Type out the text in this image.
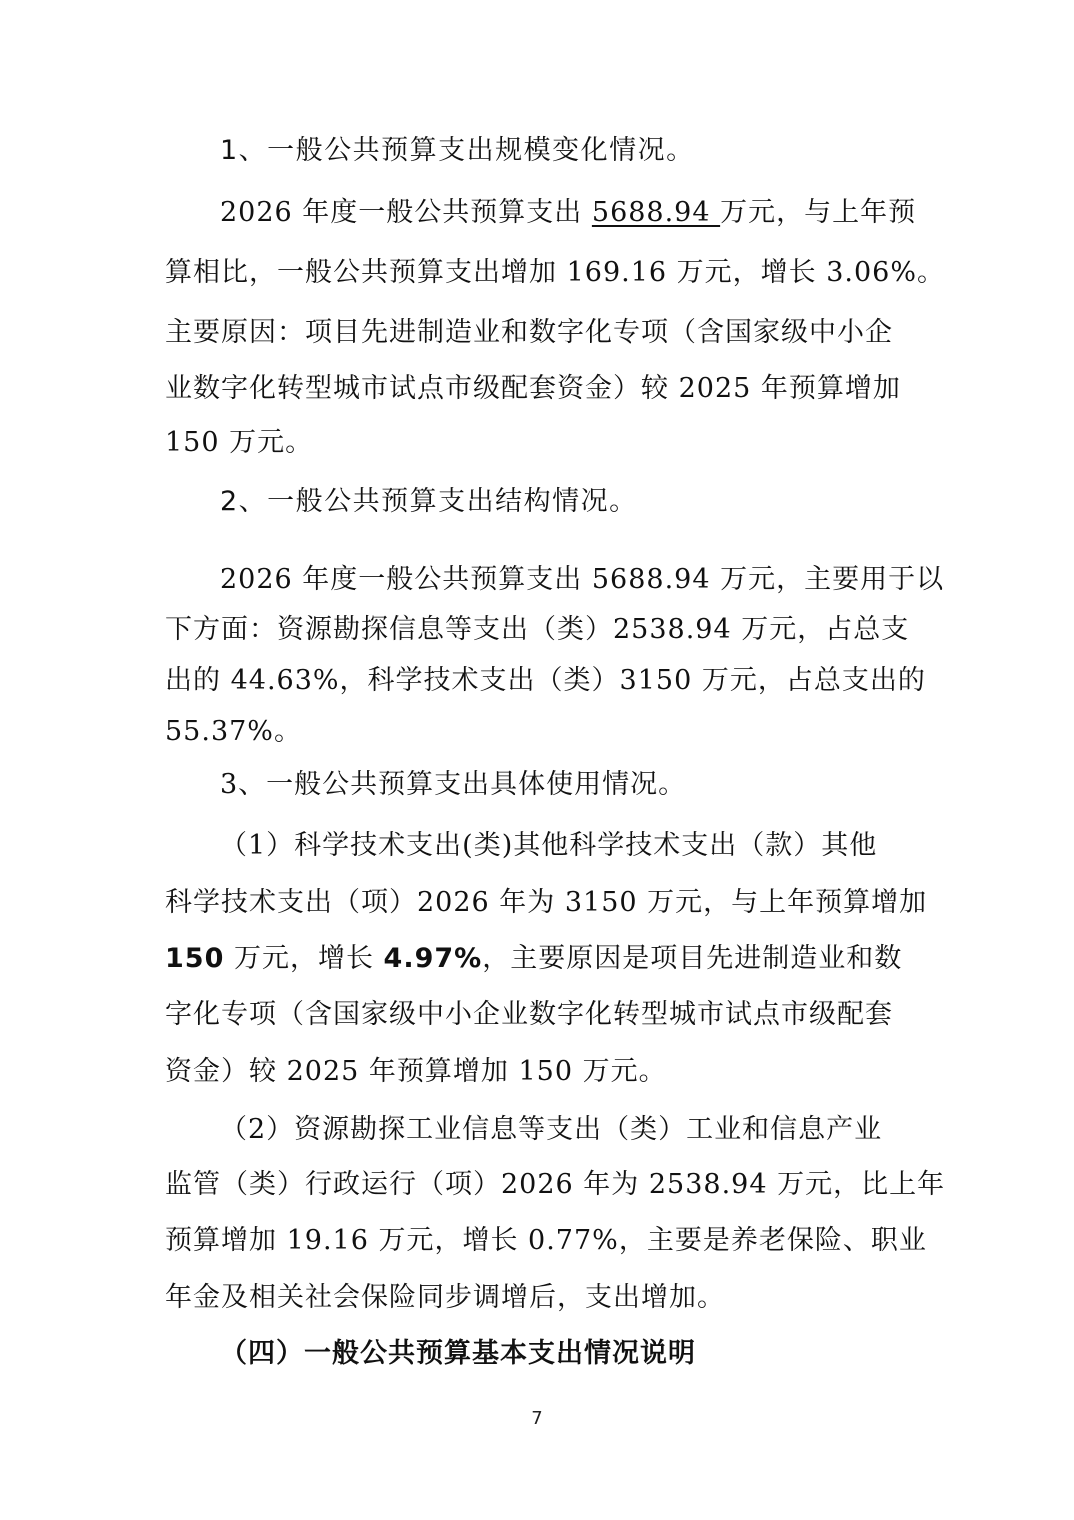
1、一般公共预算支出规模变化情况。
2026 年度一般公共预算支出 5688.94 万元，与上年预
算相比，一般公共预算支出增加 169.16 万元，增长 3.06%。
主要原因：项目先进制造业和数字化专项（含国家级中小企
业数字化转型城市试点市级配套资金）较 2025 年预算增加
150 万元。
2、一般公共预算支出结构情况。
2026 年度一般公共预算支出 5688.94 万元，主要用于以
下方面：资源勘探信息等支出（类）2538.94 万元，占总支
出的 44.63%，科学技术支出（类）3150 万元，占总支出的
55.37%。
3、一般公共预算支出具体使用情况。
（1）科学技术支出(类)其他科学技术支出（款）其他
科学技术支出（项）2026 年为 3150 万元，与上年预算增加
150 万元，增长 4.97%，主要原因是项目先进制造业和数
字化专项（含国家级中小企业数字化转型城市试点市级配套
资金）较 2025 年预算增加 150 万元。
（2）资源勘探工业信息等支出（类）工业和信息产业
监管（类）行政运行（项）2026 年为 2538.94 万元，比上年
预算增加 19.16 万元，增长 0.77%，主要是养老保险、职业
年金及相关社会保险同步调增后，支出增加。
（四）一般公共预算基本支出情况说明
7
